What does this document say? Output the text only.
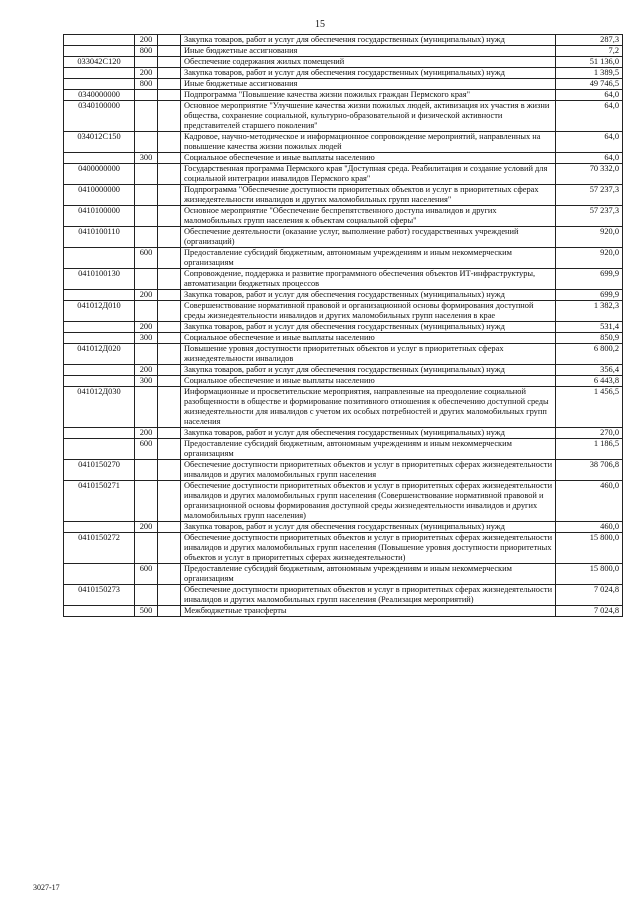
15
	200		Закупка товаров, работ и услуг для обеспечения государственных (муниципальных) нужд	287,3
	800		Иные бюджетные ассигнования	7,2
033042С120			Обеспечение содержания жилых помещений	51 136,0
	200		Закупка товаров, работ и услуг для обеспечения государственных (муниципальных) нужд	1 389,5
	800		Иные бюджетные ассигнования	49 746,5
0340000000			Подпрограмма "Повышение качества жизни пожилых граждан Пермского края"	64,0
0340100000			Основное мероприятие "Улучшение качества жизни пожилых людей, активизация их участия в жизни общества, сохранение социальной, культурно-образовательной и физической активности представителей старшего поколения"	64,0
034012С150			Кадровое, научно-методическое и информационное сопровождение мероприятий, направленных на повышение качества жизни пожилых людей	64,0
	300		Социальное обеспечение и иные выплаты населению	64,0
0400000000			Государственная программа Пермского края "Доступная среда. Реабилитация и создание условий для социальной интеграции инвалидов Пермского края"	70 332,0
0410000000			Подпрограмма "Обеспечение доступности приоритетных объектов и услуг в приоритетных сферах жизнедеятельности инвалидов и других маломобильных групп населения"	57 237,3
0410100000			Основное мероприятие "Обеспечение беспрепятственного доступа инвалидов и других маломобильных групп населения к объектам социальной сферы"	57 237,3
0410100110			Обеспечение деятельности (оказание услуг, выполнение работ) государственных учреждений (организаций)	920,0
	600		Предоставление субсидий бюджетным, автономным учреждениям и иным некоммерческим организациям	920,0
0410100130			Сопровождение, поддержка и развитие программного обеспечения объектов ИТ-инфраструктуры, автоматизации бюджетных процессов	699,9
	200		Закупка товаров, работ и услуг для обеспечения государственных (муниципальных) нужд	699,9
041012Д010			Совершенствование нормативной правовой и организационной основы формирования доступной среды жизнедеятельности инвалидов и других маломобильных групп населения в крае	1 382,3
	200		Закупка товаров, работ и услуг для обеспечения государственных (муниципальных) нужд	531,4
	300		Социальное обеспечение и иные выплаты населению	850,9
041012Д020			Повышение уровня доступности приоритетных объектов и услуг в приоритетных сферах жизнедеятельности инвалидов	6 800,2
	200		Закупка товаров, работ и услуг для обеспечения государственных (муниципальных) нужд	356,4
	300		Социальное обеспечение и иные выплаты населению	6 443,8
041012Д030			Информационные и просветительские мероприятия, направленные на преодоление социальной разобщенности в обществе и формирование позитивного отношения к обеспечению доступной среды жизнедеятельности для инвалидов с учетом их особых потребностей и других маломобильных групп населения	1 456,5
	200		Закупка товаров, работ и услуг для обеспечения государственных (муниципальных) нужд	270,0
	600		Предоставление субсидий бюджетным, автономным учреждениям и иным некоммерческим организациям	1 186,5
0410150270			Обеспечение доступности приоритетных объектов и услуг в приоритетных сферах жизнедеятельности инвалидов и других маломобильных групп населения	38 706,8
0410150271			Обеспечение доступности приоритетных объектов и услуг в приоритетных сферах жизнедеятельности инвалидов и других маломобильных групп населения (Совершенствование нормативной правовой и организационной основы формирования доступной среды жизнедеятельности инвалидов и других маломобильных групп населения)	460,0
	200		Закупка товаров, работ и услуг для обеспечения государственных (муниципальных) нужд	460,0
0410150272			Обеспечение доступности приоритетных объектов и услуг в приоритетных сферах жизнедеятельности инвалидов и других маломобильных групп населения (Повышение уровня доступности приоритетных объектов и услуг в приоритетных сферах жизнедеятельности)	15 800,0
	600		Предоставление субсидий бюджетным, автономным учреждениям и иным некоммерческим организациям	15 800,0
0410150273			Обеспечение доступности приоритетных объектов и услуг в приоритетных сферах жизнедеятельности инвалидов и других маломобильных групп населения (Реализация мероприятий)	7 024,8
	500		Межбюджетные трансферты	7 024,8
3027-17
